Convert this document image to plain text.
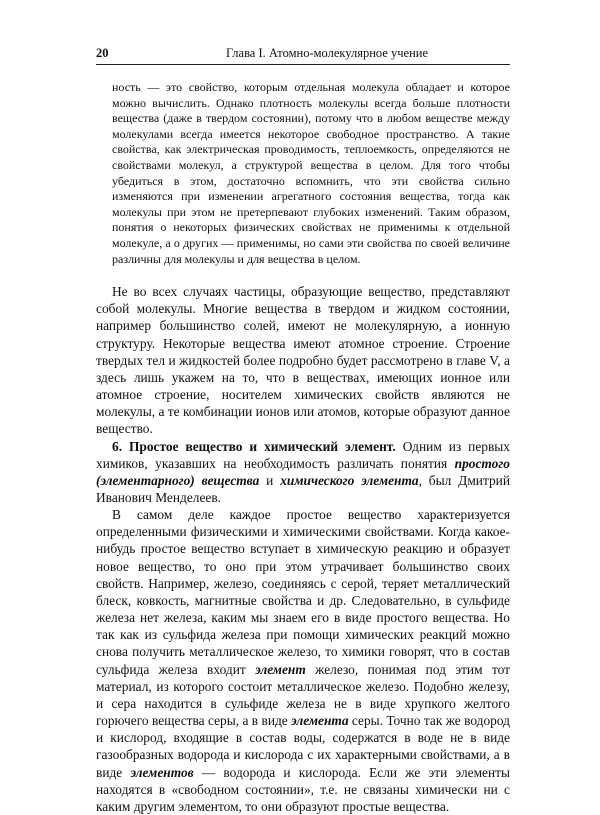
20	Глава I. Атомно-молекулярное учение

ность — это свойство, которым отдельная молекула обладает и которое можно вычислить. Однако плотность молекулы всегда больше плотности вещества (даже в твердом состоянии), потому что в любом веществе между молекулами всегда имеется некоторое свободное пространство. А такие свойства, как электрическая проводимость, теплоемкость, определяются не свойствами молекул, а структурой вещества в целом. Для того чтобы убедиться в этом, достаточно вспомнить, что эти свойства сильно изменяются при изменении агрегатного состояния вещества, тогда как молекулы при этом не претерпевают глубоких изменений. Таким образом, понятия о некоторых физических свойствах не применимы к отдельной молекуле, а о других — применимы, но сами эти свойства по своей величине различны для молекулы и для вещества в целом.

Не во всех случаях частицы, образующие вещество, представляют собой молекулы. Многие вещества в твердом и жидком состоянии, например большинство солей, имеют не молекулярную, а ионную структуру. Некоторые вещества имеют атомное строение. Строение твердых тел и жидкостей более подробно будет рассмотрено в главе V, а здесь лишь укажем на то, что в веществах, имеющих ионное или атомное строение, носителем химических свойств являются не молекулы, а те комбинации ионов или атомов, которые образуют данное вещество.

6. Простое вещество и химический элемент. Одним из первых химиков, указавших на необходимость различать понятия простого (элементарного) вещества и химического элемента, был Дмитрий Иванович Менделеев.

В самом деле каждое простое вещество характеризуется определенными физическими и химическими свойствами. Когда какое-нибудь простое вещество вступает в химическую реакцию и образует новое вещество, то оно при этом утрачивает большинство своих свойств. Например, железо, соединяясь с серой, теряет металлический блеск, ковкость, магнитные свойства и др. Следовательно, в сульфиде железа нет железа, каким мы знаем его в виде простого вещества. Но так как из сульфида железа при помощи химических реакций можно снова получить металлическое железо, то химики говорят, что в состав сульфида железа входит элемент железо, понимая под этим тот материал, из которого состоит металлическое железо. Подобно железу, и сера находится в сульфиде железа не в виде хрупкого желтого горючего вещества серы, а в виде элемента серы. Точно так же водород и кислород, входящие в состав воды, содержатся в воде не в виде газообразных водорода и кислорода с их характерными свойствами, а в виде элементов — водорода и кислорода. Если же эти элементы находятся в «свободном состоянии», т.е. не связаны химически ни с каким другим элементом, то они образуют простые вещества.
